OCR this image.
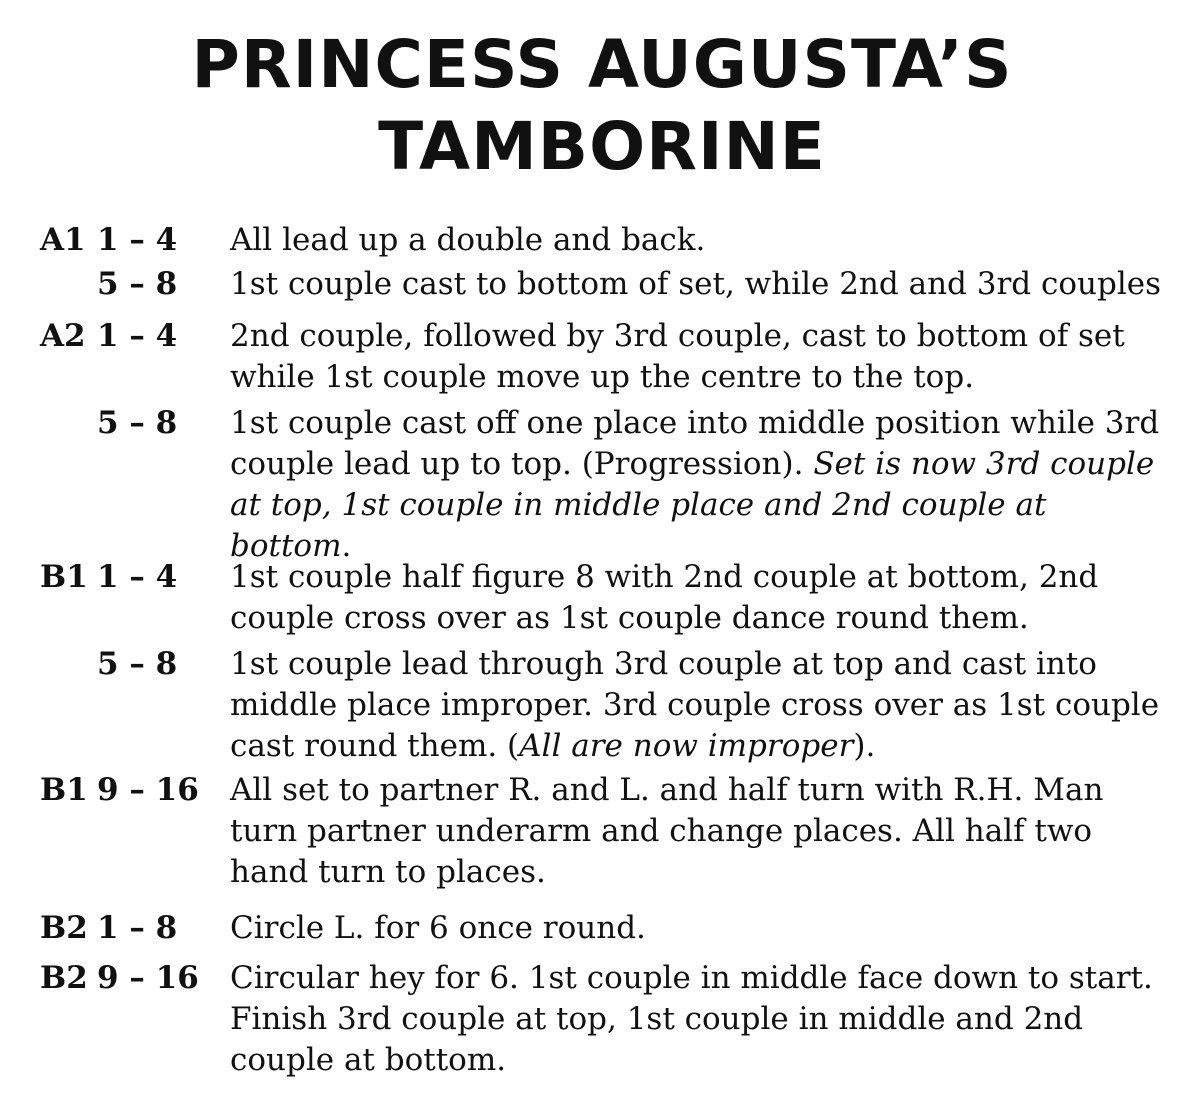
PRINCESS AUGUSTA’S
TAMBORINE
A1 1 – 4	All lead up a double and back.
5 – 8	1st couple cast to bottom of set, while 2nd and 3rd couples
A2 1 – 4	2nd couple, followed by 3rd couple, cast to bottom of set
while 1st couple move up the centre to the top.
5 – 8	1st couple cast off one place into middle position while 3rd
couple lead up to top. (Progression). Set is now 3rd couple
at top, 1st couple in middle place and 2nd couple at
bottom.
B1 1 – 4	1st couple half figure 8 with 2nd couple at bottom, 2nd
couple cross over as 1st couple dance round them.
5 – 8	1st couple lead through 3rd couple at top and cast into
middle place improper. 3rd couple cross over as 1st couple
cast round them. (All are now improper).
B1 9 – 16	All set to partner R. and L. and half turn with R.H. Man
turn partner underarm and change places. All half two
hand turn to places.
B2 1 – 8	Circle L. for 6 once round.
B2 9 – 16	Circular hey for 6. 1st couple in middle face down to start.
Finish 3rd couple at top, 1st couple in middle and 2nd
couple at bottom.
